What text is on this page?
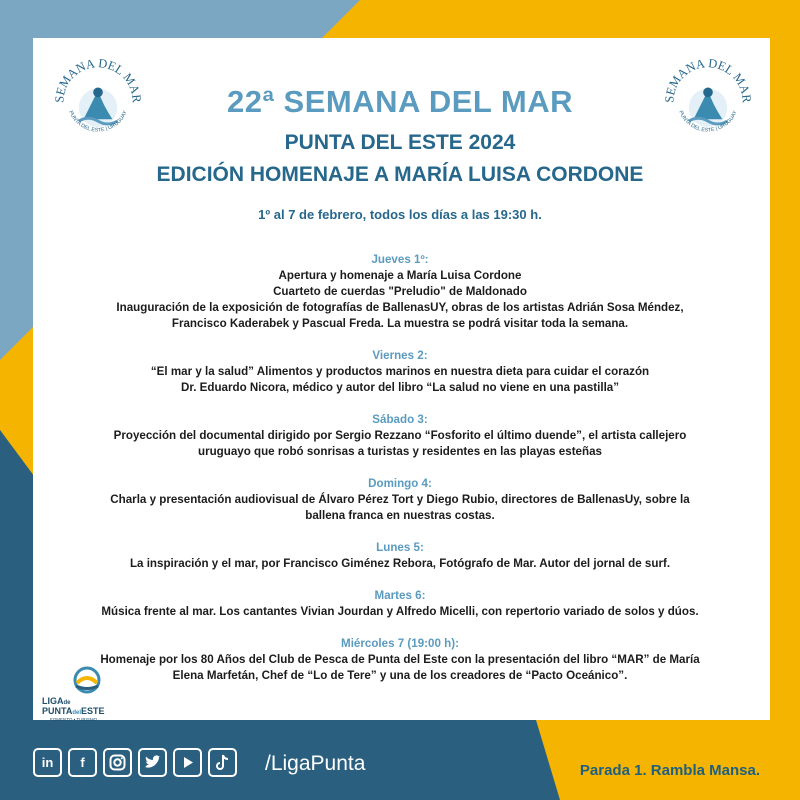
SEMANA DEL MAR
PUNTA DEL ESTE | URUGUAY
SEMANA DEL MAR
PUNTA DEL ESTE | URUGUAY
22ª SEMANA DEL MAR
PUNTA DEL ESTE 2024
EDICIÓN HOMENAJE A MARÍA LUISA CORDONE
1º al 7 de febrero, todos los días a las 19:30 h.
Jueves 1º:
Apertura y homenaje a María Luisa Cordone
Cuarteto de cuerdas "Preludio" de Maldonado
Inauguración de la exposición de fotografías de BallenasUY, obras de los artistas Adrián Sosa Méndez, Francisco Kaderabek y Pascual Freda. La muestra se podrá visitar toda la semana.
Viernes 2:
“El mar y la salud” Alimentos y productos marinos en nuestra dieta para cuidar el corazón
Dr. Eduardo Nicora, médico y autor del libro “La salud no viene en una pastilla”
Sábado 3:
Proyección del documental dirigido por Sergio Rezzano “Fosforito el último duende”, el artista callejero uruguayo que robó sonrisas a turistas y residentes en las playas esteñas
Domingo 4:
Charla y presentación audiovisual de Álvaro Pérez Tort y Diego Rubio, directores de BallenasUy, sobre la ballena franca en nuestras costas.
Lunes 5:
La inspiración y el mar, por Francisco Giménez Rebora, Fotógrafo de Mar. Autor del jornal de surf.
Martes 6:
Música frente al mar. Los cantantes Vivian Jourdan y Alfredo Micelli, con repertorio variado de solos y dúos.
Miércoles 7 (19:00 h):
Homenaje por los 80 Años del Club de Pesca de Punta del Este con la presentación del libro “MAR” de María Elena Marfetán, Chef de “Lo de Tere” y una de los creadores de “Pacto Oceánico”.
LIGAde
PUNTAdelESTE
FOMENTO • TURISMO
in	f	/LigaPunta	Parada 1. Rambla Mansa.
